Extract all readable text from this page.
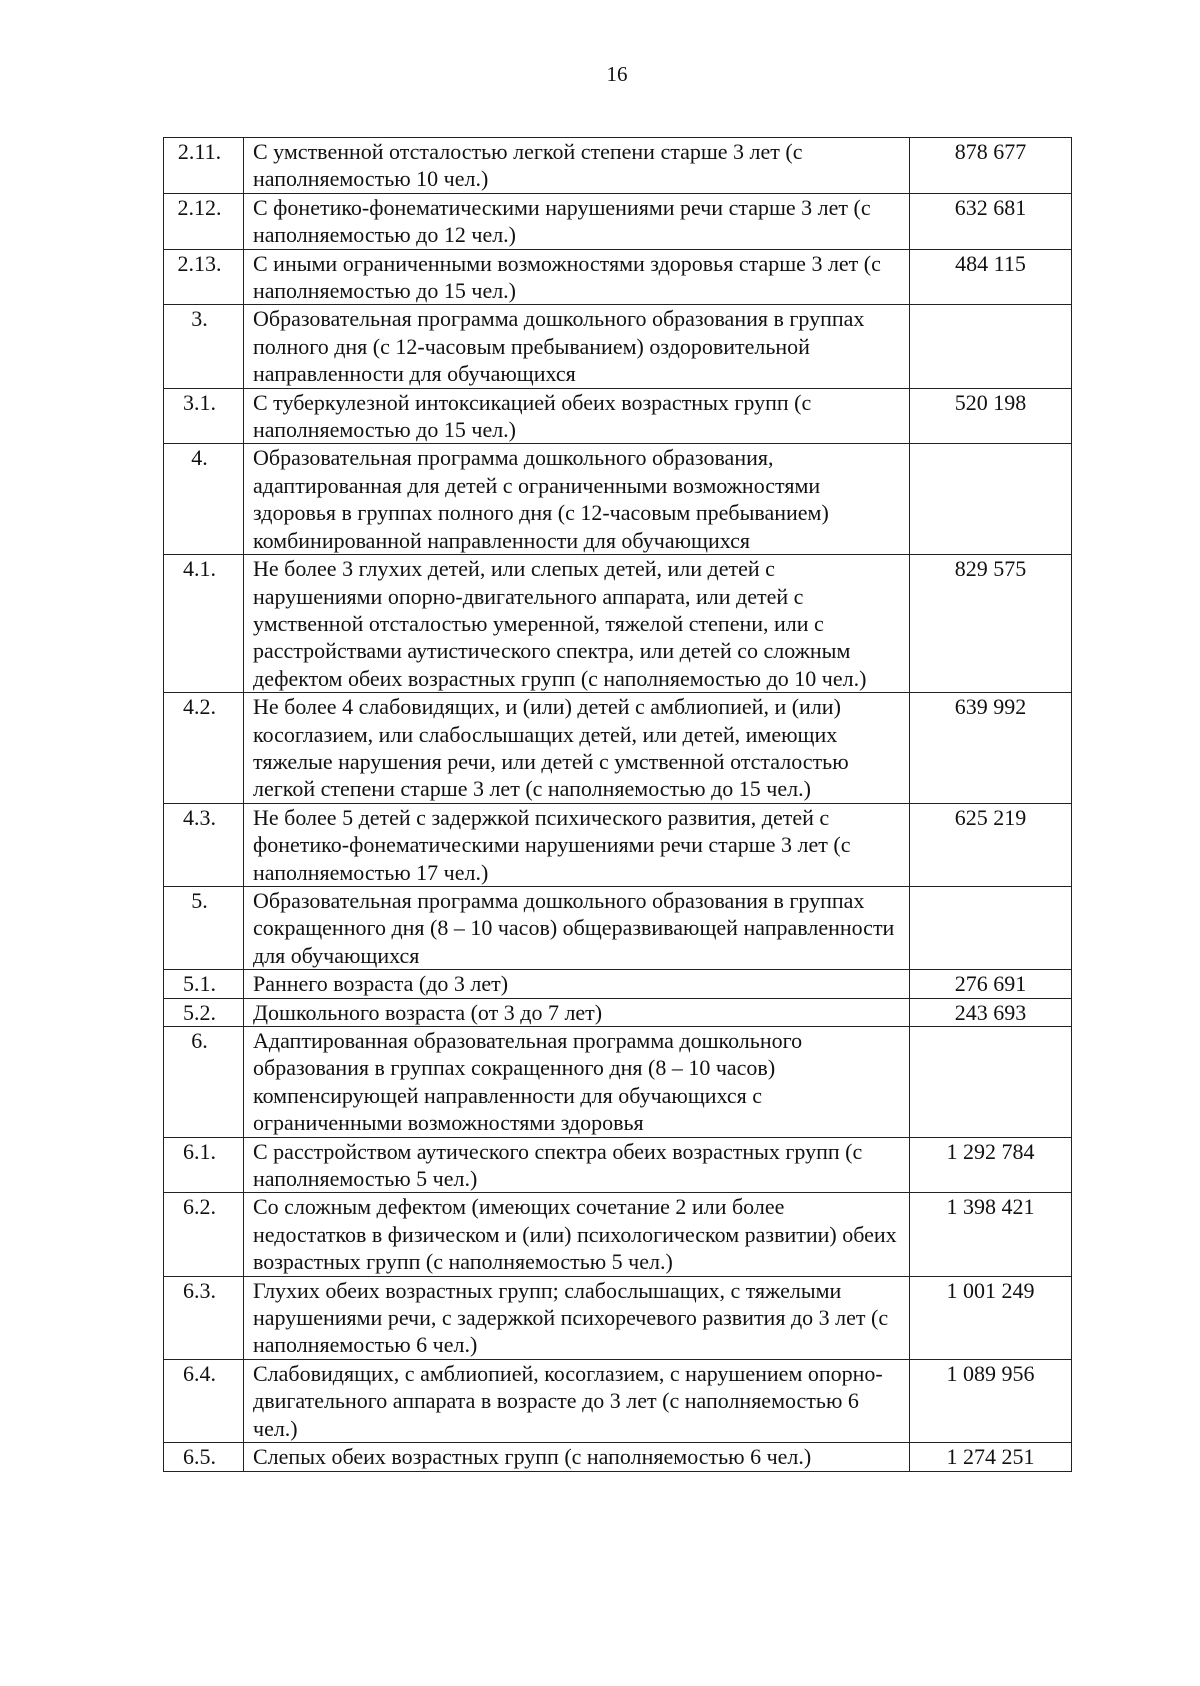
16
2.11.	С умственной отсталостью легкой степени старше 3 лет (с наполняемостью 10 чел.)	878 677
2.12.	С фонетико-фонематическими нарушениями речи старше 3 лет (с наполняемостью до 12 чел.)	632 681
2.13.	С иными ограниченными возможностями здоровья старше 3 лет (с наполняемостью до 15 чел.)	484 115
3.	Образовательная программа дошкольного образования в группах полного дня (с 12-часовым пребыванием) оздоровительной направленности для обучающихся	
3.1.	С туберкулезной интоксикацией обеих возрастных групп (с наполняемостью до 15 чел.)	520 198
4.	Образовательная программа дошкольного образования, адаптированная для детей с ограниченными возможностями здоровья в группах полного дня (с 12-часовым пребыванием) комбинированной направленности для обучающихся	
4.1.	Не более 3 глухих детей, или слепых детей, или детей с нарушениями опорно-двигательного аппарата, или детей с умственной отсталостью умеренной, тяжелой степени, или с расстройствами аутистического спектра, или детей со сложным дефектом обеих возрастных групп (с наполняемостью до 10 чел.)	829 575
4.2.	Не более 4 слабовидящих, и (или) детей с амблиопией, и (или) косоглазием, или слабослышащих детей, или детей, имеющих тяжелые нарушения речи, или детей с умственной отсталостью легкой степени старше 3 лет (с наполняемостью до 15 чел.)	639 992
4.3.	Не более 5 детей с задержкой психического развития, детей с фонетико-фонематическими нарушениями речи старше 3 лет (с наполняемостью 17 чел.)	625 219
5.	Образовательная программа дошкольного образования в группах сокращенного дня (8 – 10 часов) общеразвивающей направленности для обучающихся	
5.1.	Раннего возраста (до 3 лет)	276 691
5.2.	Дошкольного возраста (от 3 до 7 лет)	243 693
6.	Адаптированная образовательная программа дошкольного образования в группах сокращенного дня (8 – 10 часов) компенсирующей направленности для обучающихся с ограниченными возможностями здоровья	
6.1.	С расстройством аутического спектра обеих возрастных групп (с наполняемостью 5 чел.)	1 292 784
6.2.	Со сложным дефектом (имеющих сочетание 2 или более недостатков в физическом и (или) психологическом развитии) обеих возрастных групп (с наполняемостью 5 чел.)	1 398 421
6.3.	Глухих обеих возрастных групп; слабослышащих, с тяжелыми нарушениями речи, с задержкой психоречевого развития до 3 лет (с наполняемостью 6 чел.)	1 001 249
6.4.	Слабовидящих, с амблиопией, косоглазием, с нарушением опорно-двигательного аппарата в возрасте до 3 лет (с наполняемостью 6 чел.)	1 089 956
6.5.	Слепых обеих возрастных групп (с наполняемостью 6 чел.)	1 274 251
